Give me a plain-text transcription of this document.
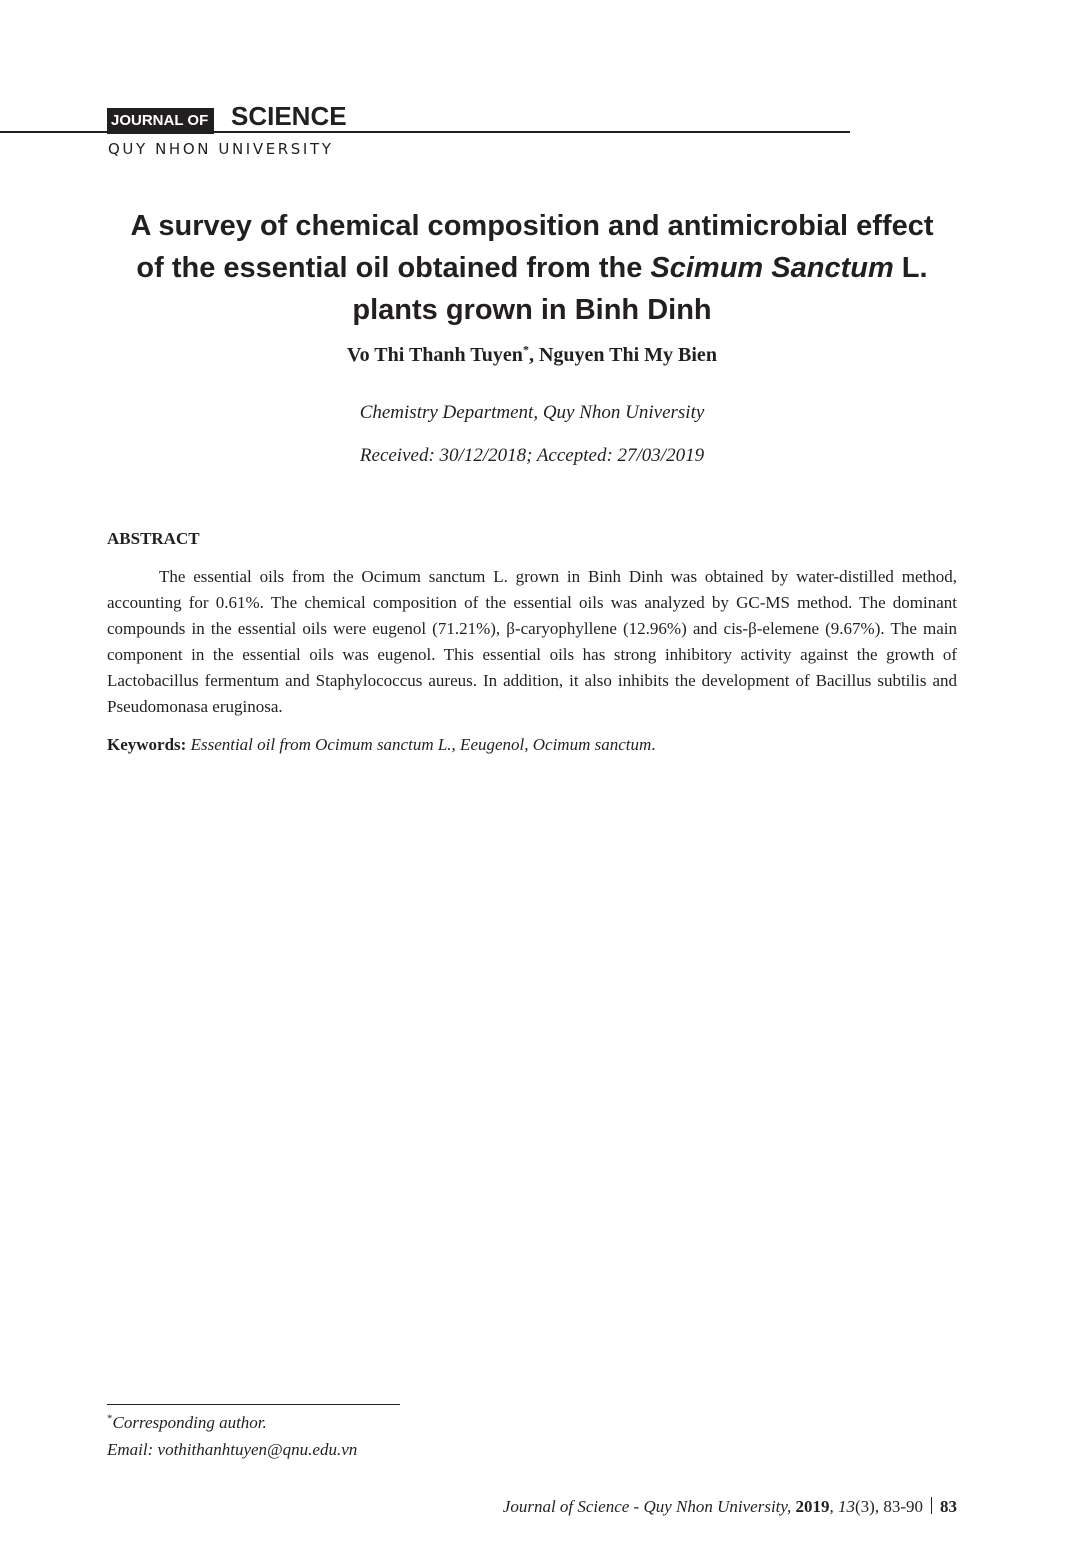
JOURNAL OF SCIENCE
QUY NHON UNIVERSITY
A survey of chemical composition and antimicrobial effect
of the essential oil obtained from the Scimum Sanctum L.
plants grown in Binh Dinh
Vo Thi Thanh Tuyen*, Nguyen Thi My Bien
Chemistry Department, Quy Nhon University
Received: 30/12/2018; Accepted: 27/03/2019
ABSTRACT

The essential oils from the Ocimum sanctum L. grown in Binh Dinh was obtained by water-distilled method, accounting for 0.61%. The chemical composition of the essential oils was analyzed by GC-MS method. The dominant compounds in the essential oils were eugenol (71.21%), β-caryophyllene (12.96%) and cis-β-elemene (9.67%). The main component in the essential oils was eugenol. This essential oils has strong inhibitory activity against the growth of Lactobacillus fermentum and Staphylococcus aureus. In addition, it also inhibits the development of Bacillus subtilis and Pseudomonasa eruginosa.

Keywords: Essential oil from Ocimum sanctum L., Eeugenol, Ocimum sanctum.
*Corresponding author.
Email: vothithanhtuyen@qnu.edu.vn
Journal of Science - Quy Nhon University, 2019, 13(3), 83-90 83
